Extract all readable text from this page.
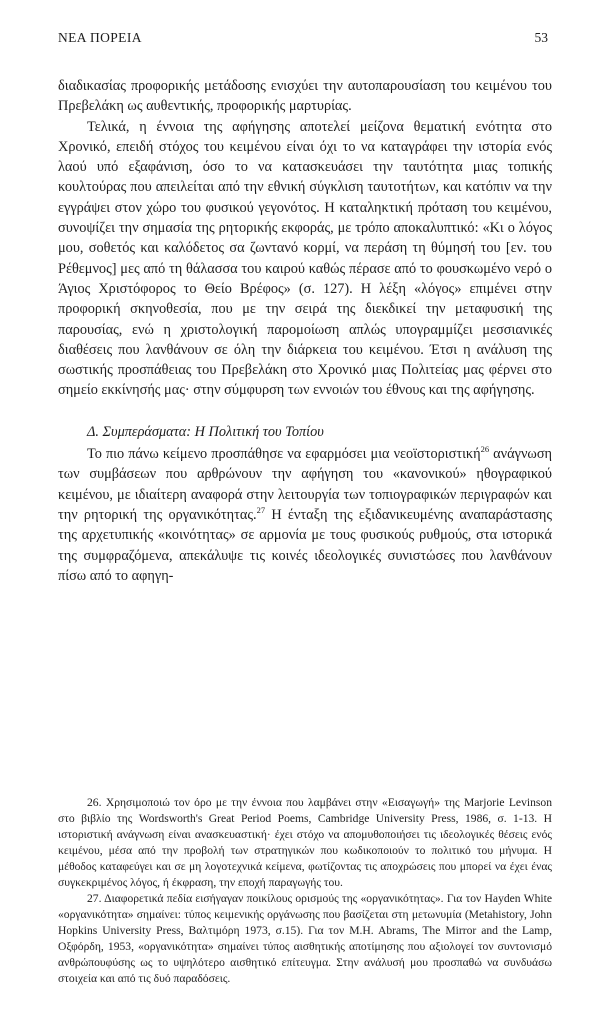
ΝΕΑ ΠΟΡΕΙΑ	53

διαδικασίας προφορικής μετάδοσης ενισχύει την αυτοπαρουσίαση του κειμένου του Πρεβελάκη ως αυθεντικής, προφορικής μαρτυρίας.

Τελικά, η έννοια της αφήγησης αποτελεί μείζονα θεματική ενότητα στο Χρονικό, επειδή στόχος του κειμένου είναι όχι το να καταγράφει την ιστορία ενός λαού υπό εξαφάνιση, όσο το να κατασκευάσει την ταυτότητα μιας τοπικής κουλτούρας που απειλείται από την εθνική σύγκλιση ταυτοτήτων, και κατόπιν να την εγγράψει στον χώρο του φυσικού γεγονότος. Η καταληκτική πρόταση του κειμένου, συνοψίζει την σημασία της ρητορικής εκφοράς, με τρόπο αποκαλυπτικό: «Κι ο λόγος μου, σοθετός και καλόδετος σα ζωντανό κορμί, να περάση τη θύμησή του [εν. του Ρέθεμνος] μες από τη θάλασσα του καιρού καθώς πέρασε από το φουσκωμένο νερό ο Άγιος Χριστόφορος το Θείο Βρέφος» (σ. 127). Η λέξη «λόγος» επιμένει στην προφορική σκηνοθεσία, που με την σειρά της διεκδικεί την μεταφυσική της παρουσίας, ενώ η χριστολογική παρομοίωση απλώς υπογραμμίζει μεσσιανικές διαθέσεις που λανθάνουν σε όλη την διάρκεια του κειμένου. Έτσι η ανάλυση της σωστικής προσπάθειας του Πρεβελάκη στο Χρονικό μιας Πολιτείας μας φέρνει στο σημείο εκκίνησής μας· στην σύμφυρση των εννοιών του έθνους και της αφήγησης.

Δ. Συμπεράσματα: Η Πολιτική του Τοπίου

Το πιο πάνω κείμενο προσπάθησε να εφαρμόσει μια νεοϊστοριστική$^{26}$ ανάγνωση των συμβάσεων που αρθρώνουν την αφήγηση του «κανονικού» ηθογραφικού κειμένου, με ιδιαίτερη αναφορά στην λειτουργία των τοπιογραφικών περιγραφών και την ρητορική της οργανικότητας.$^{27}$ Η ένταξη της εξιδανικευμένης αναπαράστασης της αρχετυπικής «κοινότητας» σε αρμονία με τους φυσικούς ρυθμούς, στα ιστορικά της συμφραζόμενα, απεκάλυψε τις κοινές ιδεολογικές συνιστώσες που λανθάνουν πίσω από το αφηγη-

26. Χρησιμοποιώ τον όρο με την έννοια που λαμβάνει στην «Εισαγωγή» της Marjorie Levinson στο βιβλίο της Wordsworth's Great Period Poems, Cambridge University Press, 1986, σ. 1-13. Η ιστοριστική ανάγνωση είναι ανασκευαστική· έχει στόχο να απομυθοποιήσει τις ιδεολογικές θέσεις ενός κειμένου, μέσα από την προβολή των στρατηγικών που κωδικοποιούν το πολιτικό του μήνυμα. Η μέθοδος καταφεύγει και σε μη λογοτεχνικά κείμενα, φωτίζοντας τις αποχρώσεις που μπορεί να έχει ένας συγκεκριμένος λόγος, ή έκφραση, την εποχή παραγωγής του.

27. Διαφορετικά πεδία εισήγαγαν ποικίλους ορισμούς της «οργανικότητας». Για τον Hayden White «οργανικότητα» σημαίνει: τύπος κειμενικής οργάνωσης που βασίζεται στη μετωνυμία (Metahistory, John Hopkins University Press, Βαλτιμόρη 1973, σ.15). Για τον M.H. Abrams, The Mirror and the Lamp, Οξφόρδη, 1953, «οργανικότητα» σημαίνει τύπος αισθητικής αποτίμησης που αξιολογεί τον συντονισμό ανθρώπουφύσης ως το υψηλότερο αισθητικό επίτευγμα. Στην ανάλυσή μου προσπαθώ να συνδυάσω στοιχεία και από τις δυό παραδόσεις.
